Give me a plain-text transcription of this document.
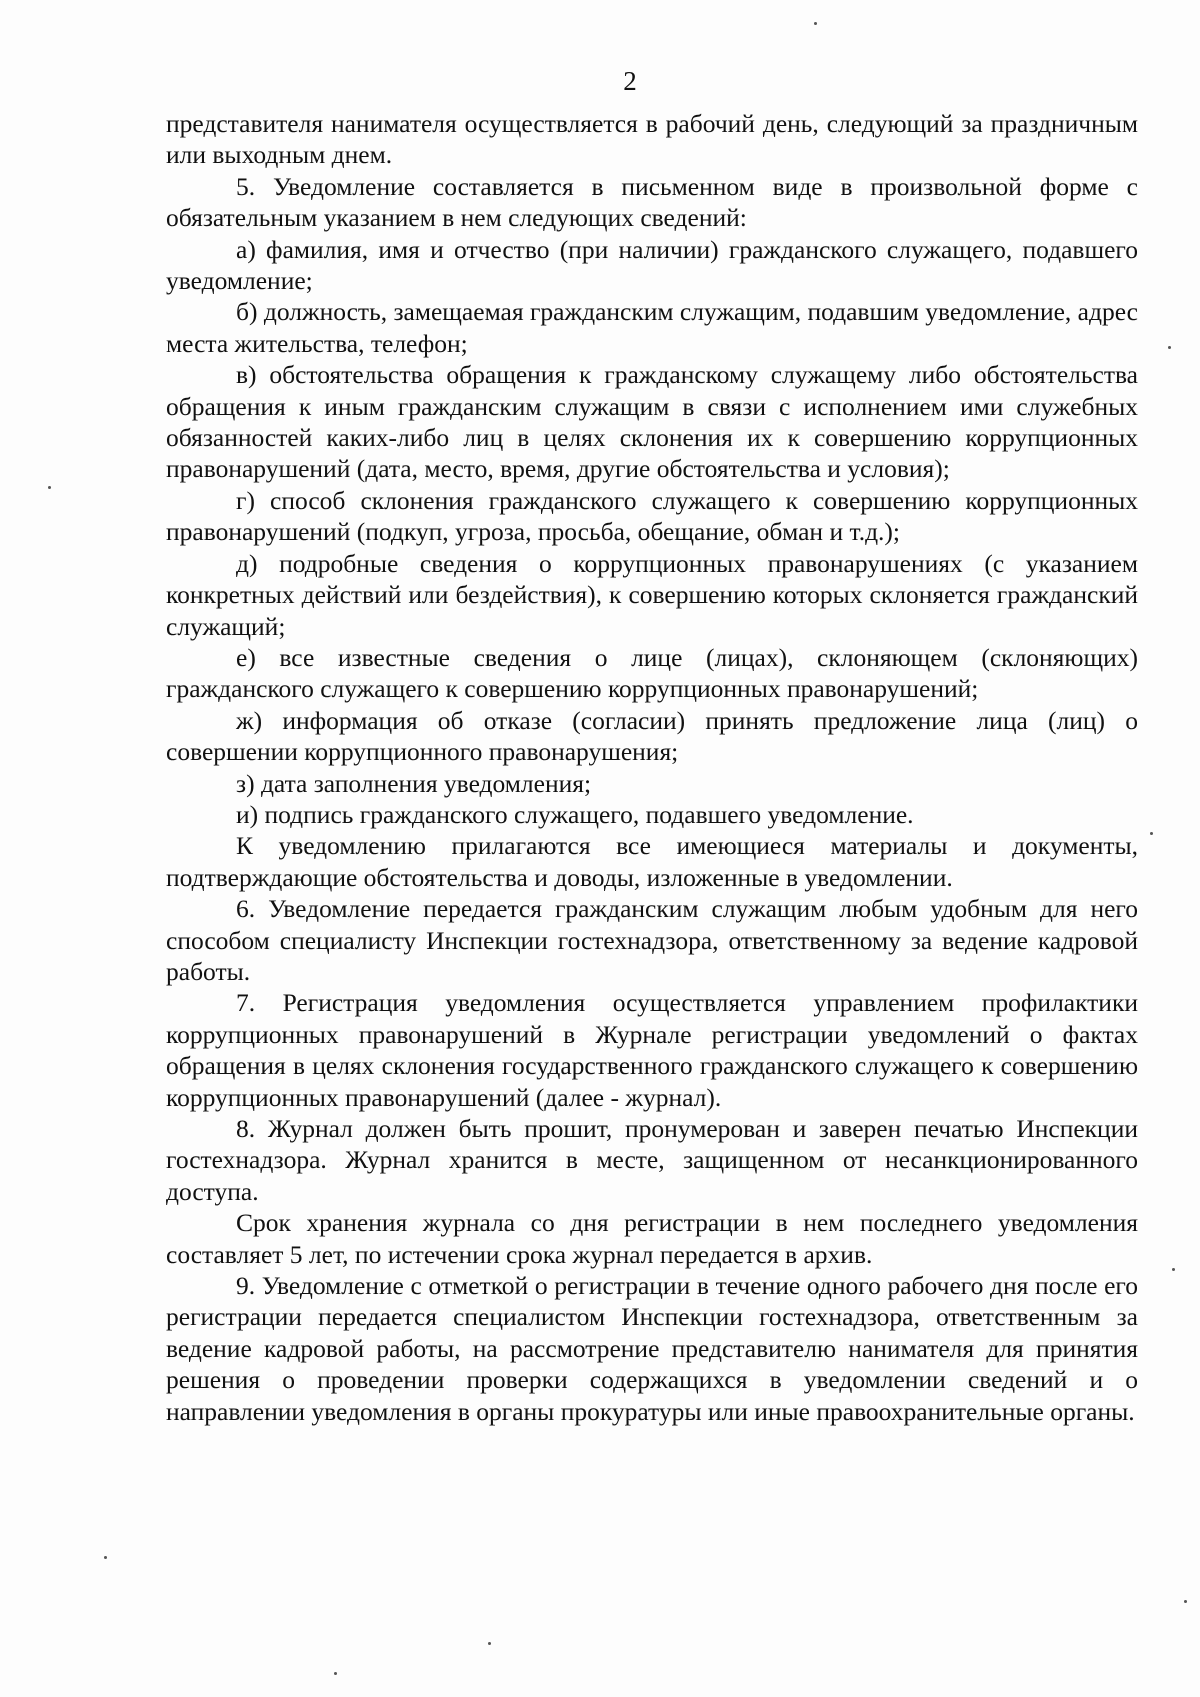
2

представителя нанимателя осуществляется в рабочий день, следующий за праздничным или выходным днем.

5. Уведомление составляется в письменном виде в произвольной форме с обязательным указанием в нем следующих сведений:

а) фамилия, имя и отчество (при наличии) гражданского служащего, подавшего уведомление;

б) должность, замещаемая гражданским служащим, подавшим уведомление, адрес места жительства, телефон;

в) обстоятельства обращения к гражданскому служащему либо обстоятельства обращения к иным гражданским служащим в связи с исполнением ими служебных обязанностей каких-либо лиц в целях склонения их к совершению коррупционных правонарушений (дата, место, время, другие обстоятельства и условия);

г) способ склонения гражданского служащего к совершению коррупционных правонарушений (подкуп, угроза, просьба, обещание, обман и т.д.);

д) подробные сведения о коррупционных правонарушениях (с указанием конкретных действий или бездействия), к совершению которых склоняется гражданский служащий;

е) все известные сведения о лице (лицах), склоняющем (склоняющих) гражданского служащего к совершению коррупционных правонарушений;

ж) информация об отказе (согласии) принять предложение лица (лиц) о совершении коррупционного правонарушения;

з) дата заполнения уведомления;

и) подпись гражданского служащего, подавшего уведомление.

К уведомлению прилагаются все имеющиеся материалы и документы, подтверждающие обстоятельства и доводы, изложенные в уведомлении.

6. Уведомление передается гражданским служащим любым удобным для него способом специалисту Инспекции гостехнадзора, ответственному за ведение кадровой работы.

7. Регистрация уведомления осуществляется управлением профилактики коррупционных правонарушений в Журнале регистрации уведомлений о фактах обращения в целях склонения государственного гражданского служащего к совершению коррупционных правонарушений (далее - журнал).

8. Журнал должен быть прошит, пронумерован и заверен печатью Инспекции гостехнадзора. Журнал хранится в месте, защищенном от несанкционированного доступа.

Срок хранения журнала со дня регистрации в нем последнего уведомления составляет 5 лет, по истечении срока журнал передается в архив.

9. Уведомление с отметкой о регистрации в течение одного рабочего дня после его регистрации передается специалистом Инспекции гостехнадзора, ответственным за ведение кадровой работы, на рассмотрение представителю нанимателя для принятия решения о проведении проверки содержащихся в уведомлении сведений и о направлении уведомления в органы прокуратуры или иные правоохранительные органы.
